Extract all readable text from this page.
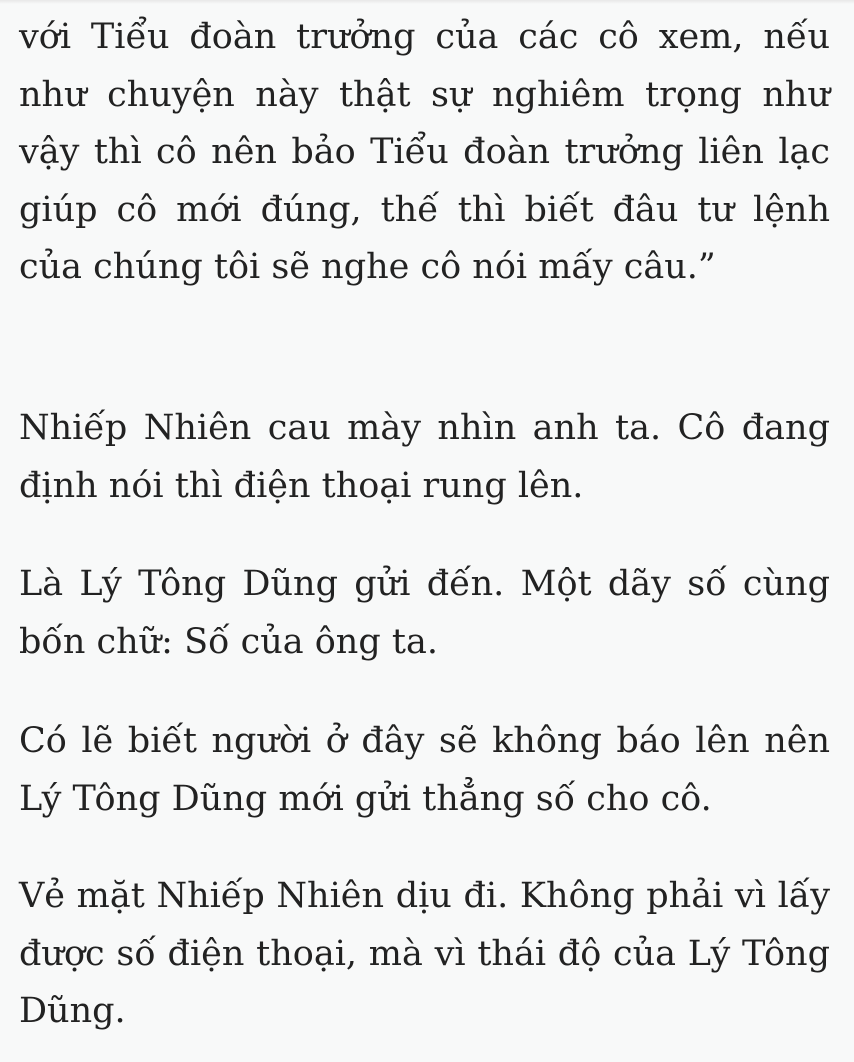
với Tiểu đoàn trưởng của các cô xem, nếu như chuyện này thật sự nghiêm trọng như vậy thì cô nên bảo Tiểu đoàn trưởng liên lạc giúp cô mới đúng, thế thì biết đâu tư lệnh của chúng tôi sẽ nghe cô nói mấy câu.”

Nhiếp Nhiên cau mày nhìn anh ta. Cô đang định nói thì điện thoại rung lên.

Là Lý Tông Dũng gửi đến. Một dãy số cùng bốn chữ: Số của ông ta.

Có lẽ biết người ở đây sẽ không báo lên nên Lý Tông Dũng mới gửi thẳng số cho cô.

Vẻ mặt Nhiếp Nhiên dịu đi. Không phải vì lấy được số điện thoại, mà vì thái độ của Lý Tông Dũng.
